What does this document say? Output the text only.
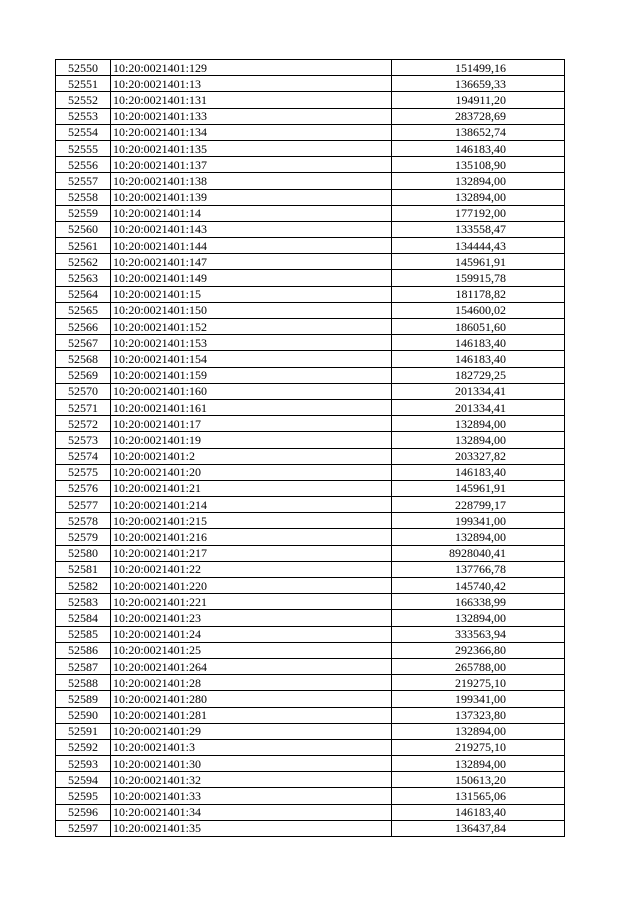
52550	10:20:0021401:129	151499,16
52551	10:20:0021401:13	136659,33
52552	10:20:0021401:131	194911,20
52553	10:20:0021401:133	283728,69
52554	10:20:0021401:134	138652,74
52555	10:20:0021401:135	146183,40
52556	10:20:0021401:137	135108,90
52557	10:20:0021401:138	132894,00
52558	10:20:0021401:139	132894,00
52559	10:20:0021401:14	177192,00
52560	10:20:0021401:143	133558,47
52561	10:20:0021401:144	134444,43
52562	10:20:0021401:147	145961,91
52563	10:20:0021401:149	159915,78
52564	10:20:0021401:15	181178,82
52565	10:20:0021401:150	154600,02
52566	10:20:0021401:152	186051,60
52567	10:20:0021401:153	146183,40
52568	10:20:0021401:154	146183,40
52569	10:20:0021401:159	182729,25
52570	10:20:0021401:160	201334,41
52571	10:20:0021401:161	201334,41
52572	10:20:0021401:17	132894,00
52573	10:20:0021401:19	132894,00
52574	10:20:0021401:2	203327,82
52575	10:20:0021401:20	146183,40
52576	10:20:0021401:21	145961,91
52577	10:20:0021401:214	228799,17
52578	10:20:0021401:215	199341,00
52579	10:20:0021401:216	132894,00
52580	10:20:0021401:217	8928040,41
52581	10:20:0021401:22	137766,78
52582	10:20:0021401:220	145740,42
52583	10:20:0021401:221	166338,99
52584	10:20:0021401:23	132894,00
52585	10:20:0021401:24	333563,94
52586	10:20:0021401:25	292366,80
52587	10:20:0021401:264	265788,00
52588	10:20:0021401:28	219275,10
52589	10:20:0021401:280	199341,00
52590	10:20:0021401:281	137323,80
52591	10:20:0021401:29	132894,00
52592	10:20:0021401:3	219275,10
52593	10:20:0021401:30	132894,00
52594	10:20:0021401:32	150613,20
52595	10:20:0021401:33	131565,06
52596	10:20:0021401:34	146183,40
52597	10:20:0021401:35	136437,84
